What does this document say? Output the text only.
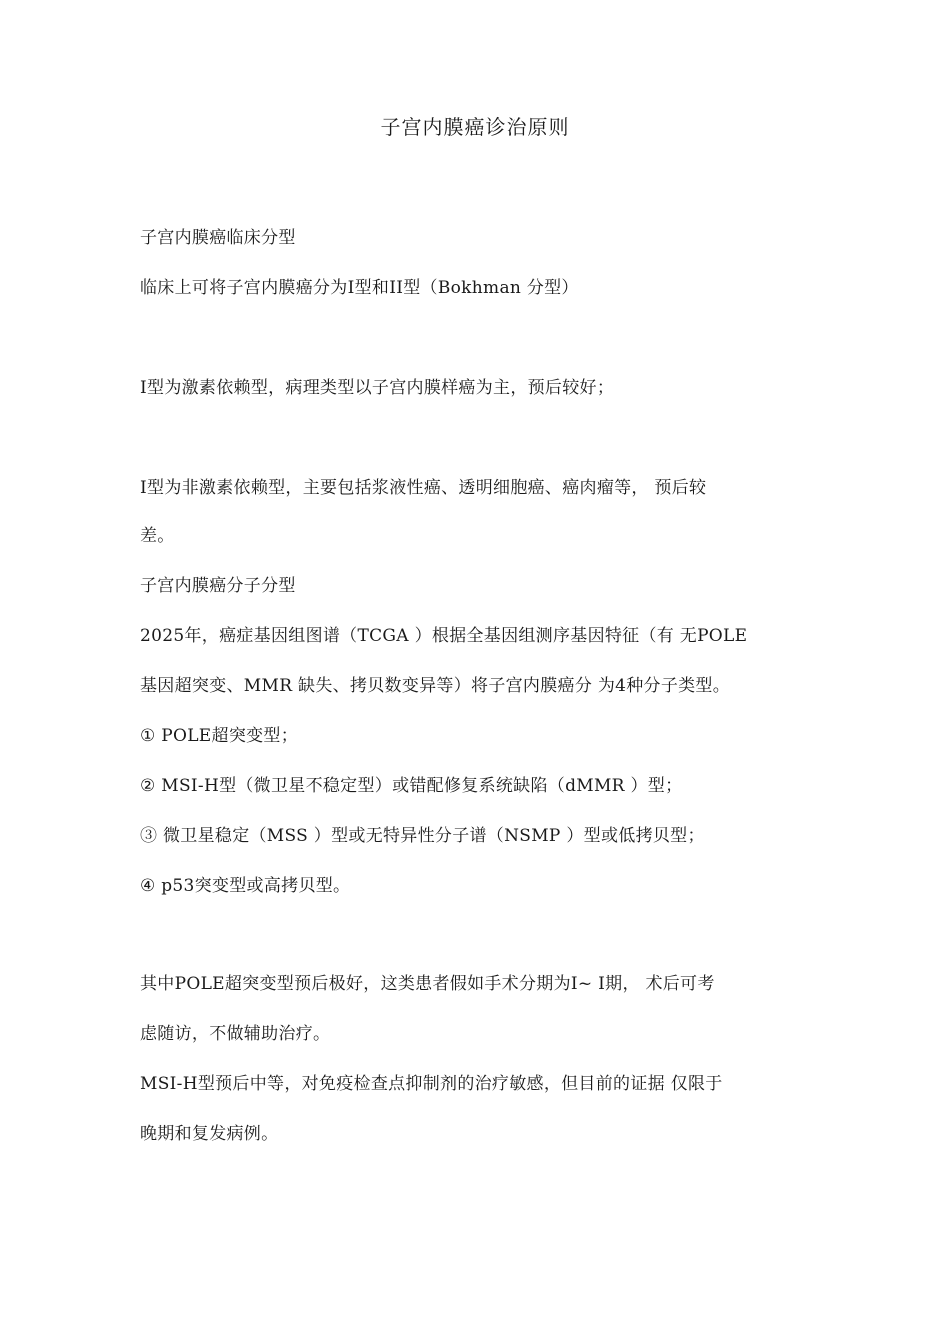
子宫内膜癌诊治原则
子宫内膜癌临床分型
临床上可将子宫内膜癌分为Ⅰ型和II型（Bokhman 分型）
Ⅰ型为激素依赖型，病理类型以子宫内膜样癌为主，预后较好；
Ⅰ型为非激素依赖型，主要包括浆液性癌、透明细胞癌、癌肉瘤等， 预后较
差。
子宫内膜癌分子分型
2025年，癌症基因组图谱（TCGA ）根据全基因组测序基因特征（有 无POLE
基因超突变、MMR 缺失、拷贝数变异等）将子宫内膜癌分 为4种分子类型。
① POLE超突变型；
② MSI-H型（微卫星不稳定型）或错配修复系统缺陷（dMMR ）型；
③ 微卫星稳定（MSS ）型或无特异性分子谱（NSMP ）型或低拷贝型；
④ p53突变型或高拷贝型。
其中POLE超突变型预后极好，这类患者假如手术分期为Ⅰ~ Ⅰ期， 术后可考
虑随访，不做辅助治疗。
MSI-H型预后中等，对免疫检查点抑制剂的治疗敏感，但目前的证据 仅限于
晚期和复发病例。
